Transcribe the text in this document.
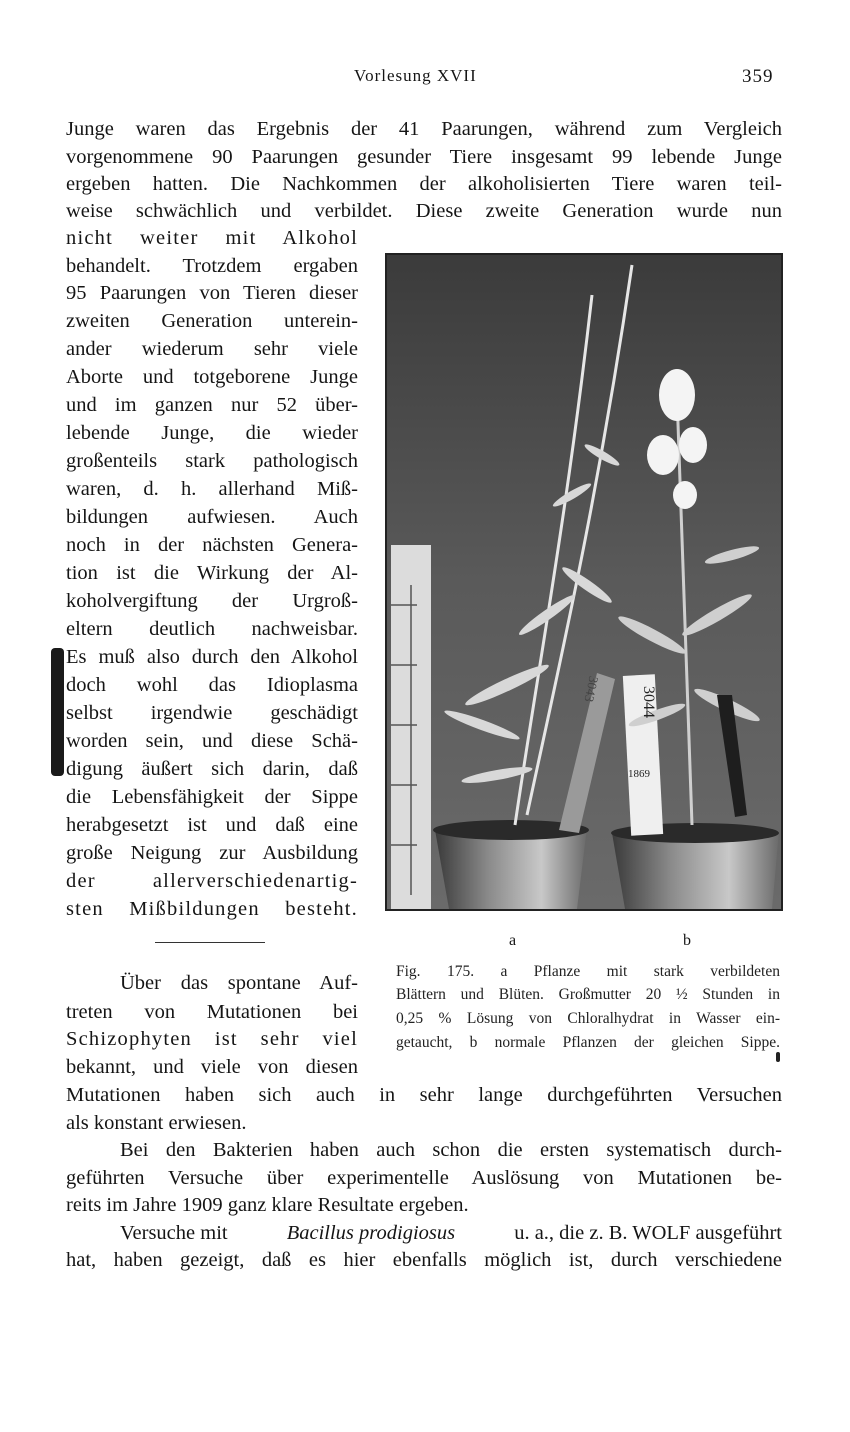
Vorlesung XVII	359
Junge waren das Ergebnis der 41 Paarungen, während zum Vergleich
vorgenommene 90 Paarungen gesunder Tiere insgesamt 99 lebende Junge
ergeben hatten. Die Nachkommen der alkoholisierten Tiere waren teil-
weise schwächlich und verbildet. Diese zweite Generation wurde nun
nicht weiter mit Alkohol
behandelt. Trotzdem ergaben
95 Paarungen von Tieren dieser
zweiten Generation unterein-
ander wiederum sehr viele
Aborte und totgeborene Junge
und im ganzen nur 52 über-
lebende Junge, die wieder
großenteils stark pathologisch
waren, d. h. allerhand Miß-
bildungen aufwiesen. Auch
noch in der nächsten Genera-
tion ist die Wirkung der Al-
koholvergiftung der Urgroß-
eltern deutlich nachweisbar.
Es muß also durch den Alkohol
doch wohl das Idioplasma
selbst irgendwie geschädigt
worden sein, und diese Schä-
digung äußert sich darin, daß
die Lebensfähigkeit der Sippe
herabgesetzt ist und daß eine
große Neigung zur Ausbildung
der allerverschiedenartig-
sten Mißbildungen besteht.
3044
1869
3043
a	b
Fig. 175. a Pflanze mit stark verbildeten
Blättern und Blüten. Großmutter 20 ½ Stunden in
0,25 % Lösung von Chloralhydrat in Wasser ein-
getaucht, b normale Pflanzen der gleichen Sippe.
Über das spontane Auf-
treten von Mutationen bei
Schizophyten ist sehr viel
bekannt, und viele von diesen
Mutationen haben sich auch in sehr lange durchgeführten Versuchen
als konstant erwiesen.
Bei den Bakterien haben auch schon die ersten systematisch durch-
geführten Versuche über experimentelle Auslösung von Mutationen be-
reits im Jahre 1909 ganz klare Resultate ergeben.
Versuche mit	Bacillus prodigiosus	u. a., die z. B. WOLF ausgeführt
hat, haben gezeigt, daß es hier ebenfalls möglich ist, durch verschiedene
